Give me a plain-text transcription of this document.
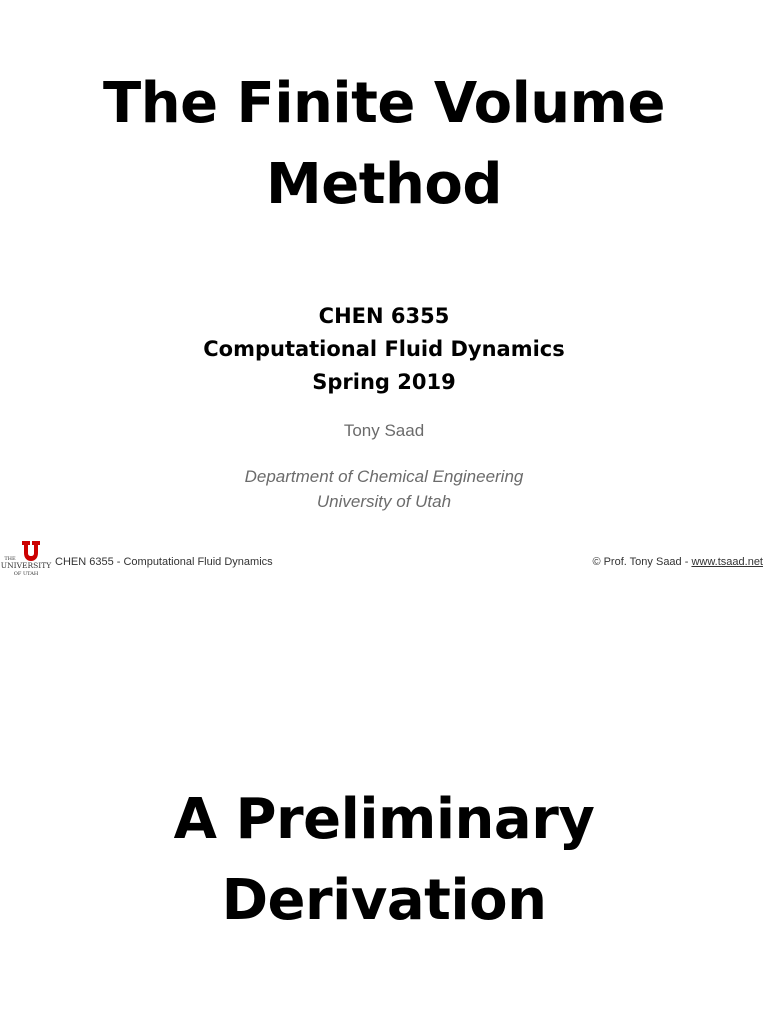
The Finite Volume
Method
CHEN 6355
Computational Fluid Dynamics
Spring 2019
Tony Saad
Department of Chemical Engineering
University of Utah
THE
UNIVERSITY
OF UTAH
CHEN 6355 - Computational Fluid Dynamics	© Prof. Tony Saad - www.tsaad.net
A Preliminary
Derivation
